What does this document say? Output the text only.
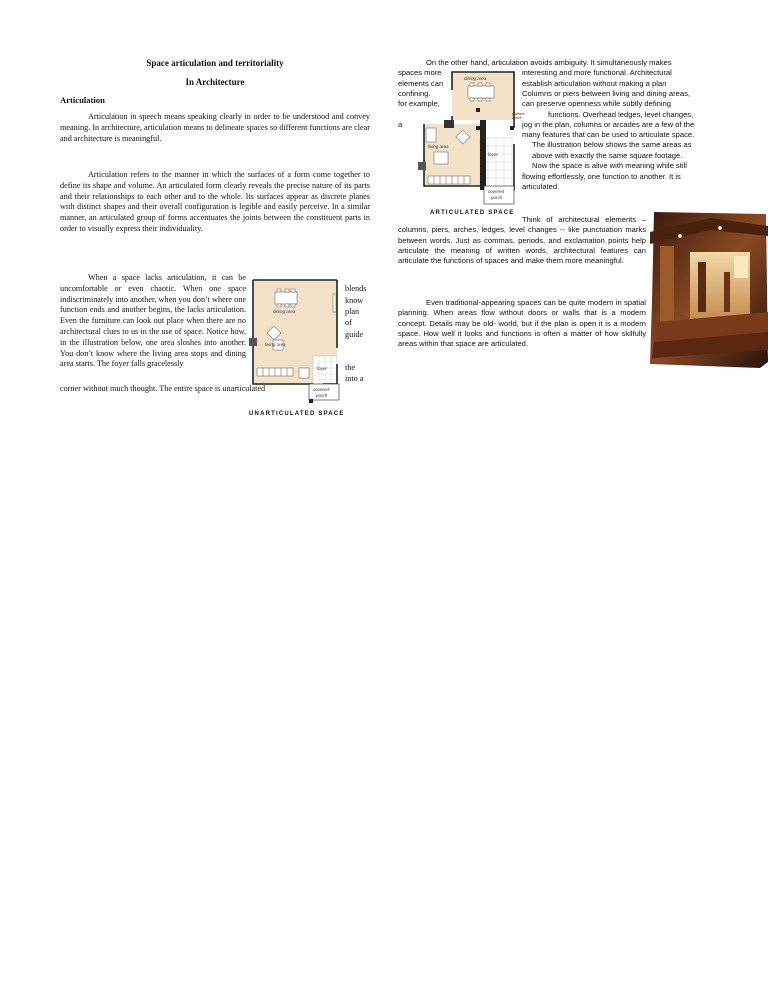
Space articulation and territoriality
In Architecture
Articulation
Articulation in speech means speaking clearly in order to be understood and convey meaning. In architecture, articulation means to delineate spaces so different functions are clear and architecture is meaningful.
Articulation refers to the manner in which the surfaces of a form come together to define its shape and volume. An articulated form clearly reveals the precise nature of its parts and their relationships to each other and to the whole. Its surfaces appear as discrete planes with distinct shapes and their overall configuration is legible and easily perceive. In a similar manner, an articulated group of forms accentuates the joints between the constituent parts in order to visually express their individuality.
When a space lacks articulation, it can be uncomfortable or even chaotic. When one space indiscriminately into another, when you don’t where one function ends and another begins, the lacks articulation. Even the furniture can look out place when there are no architectural clues to us in the use of space. Notice how, in the illustration below, one area sloshes into another. You don’t know where the living area stops and dining area starts. The foyer falls gracelessly
corner without much thought. The entire space is unarticulated
blends
know
plan
of
guide
the
into a
dining area
living area
foyer
covered
porch
UNARTICULATED SPACE
On the other hand, articulation avoids ambiguity. It simultaneously makes
spaces more
elements can
confining.
for example,
a
interesting and more functional. Architectural
establish articulation without making a plan
Columns or piers between living and dining areas,
can preserve openness while subtly defining
functions. Overhead ledges, level changes,
jog in the plan, columns or arcades are a few of the
many features that can be used to articulate space.
The illustration below shows the same areas as
above with exactly the same square footage.
Now the space is alive with meaning while still
flowing effortlessly, one function to another. It is
articulated.
dining area
living area
foyer
platform
above
covered
porch
ARTICULATED SPACE
Think of architectural elements – columns, piers, arches, ledges, level changes -- like punctuation marks between words. Just as commas, periods, and exclamation points help articulate the meaning of written words, architectural features can articulate the functions of spaces and make them more meaningful.
Even traditional-appearing spaces can be quite modern in spatial planning. When areas flow without doors or walls that is a modern concept. Details may be old- world, but if the plan is open it is a modern space. How well it looks and functions is often a matter of how skilfully areas within that space are articulated.
